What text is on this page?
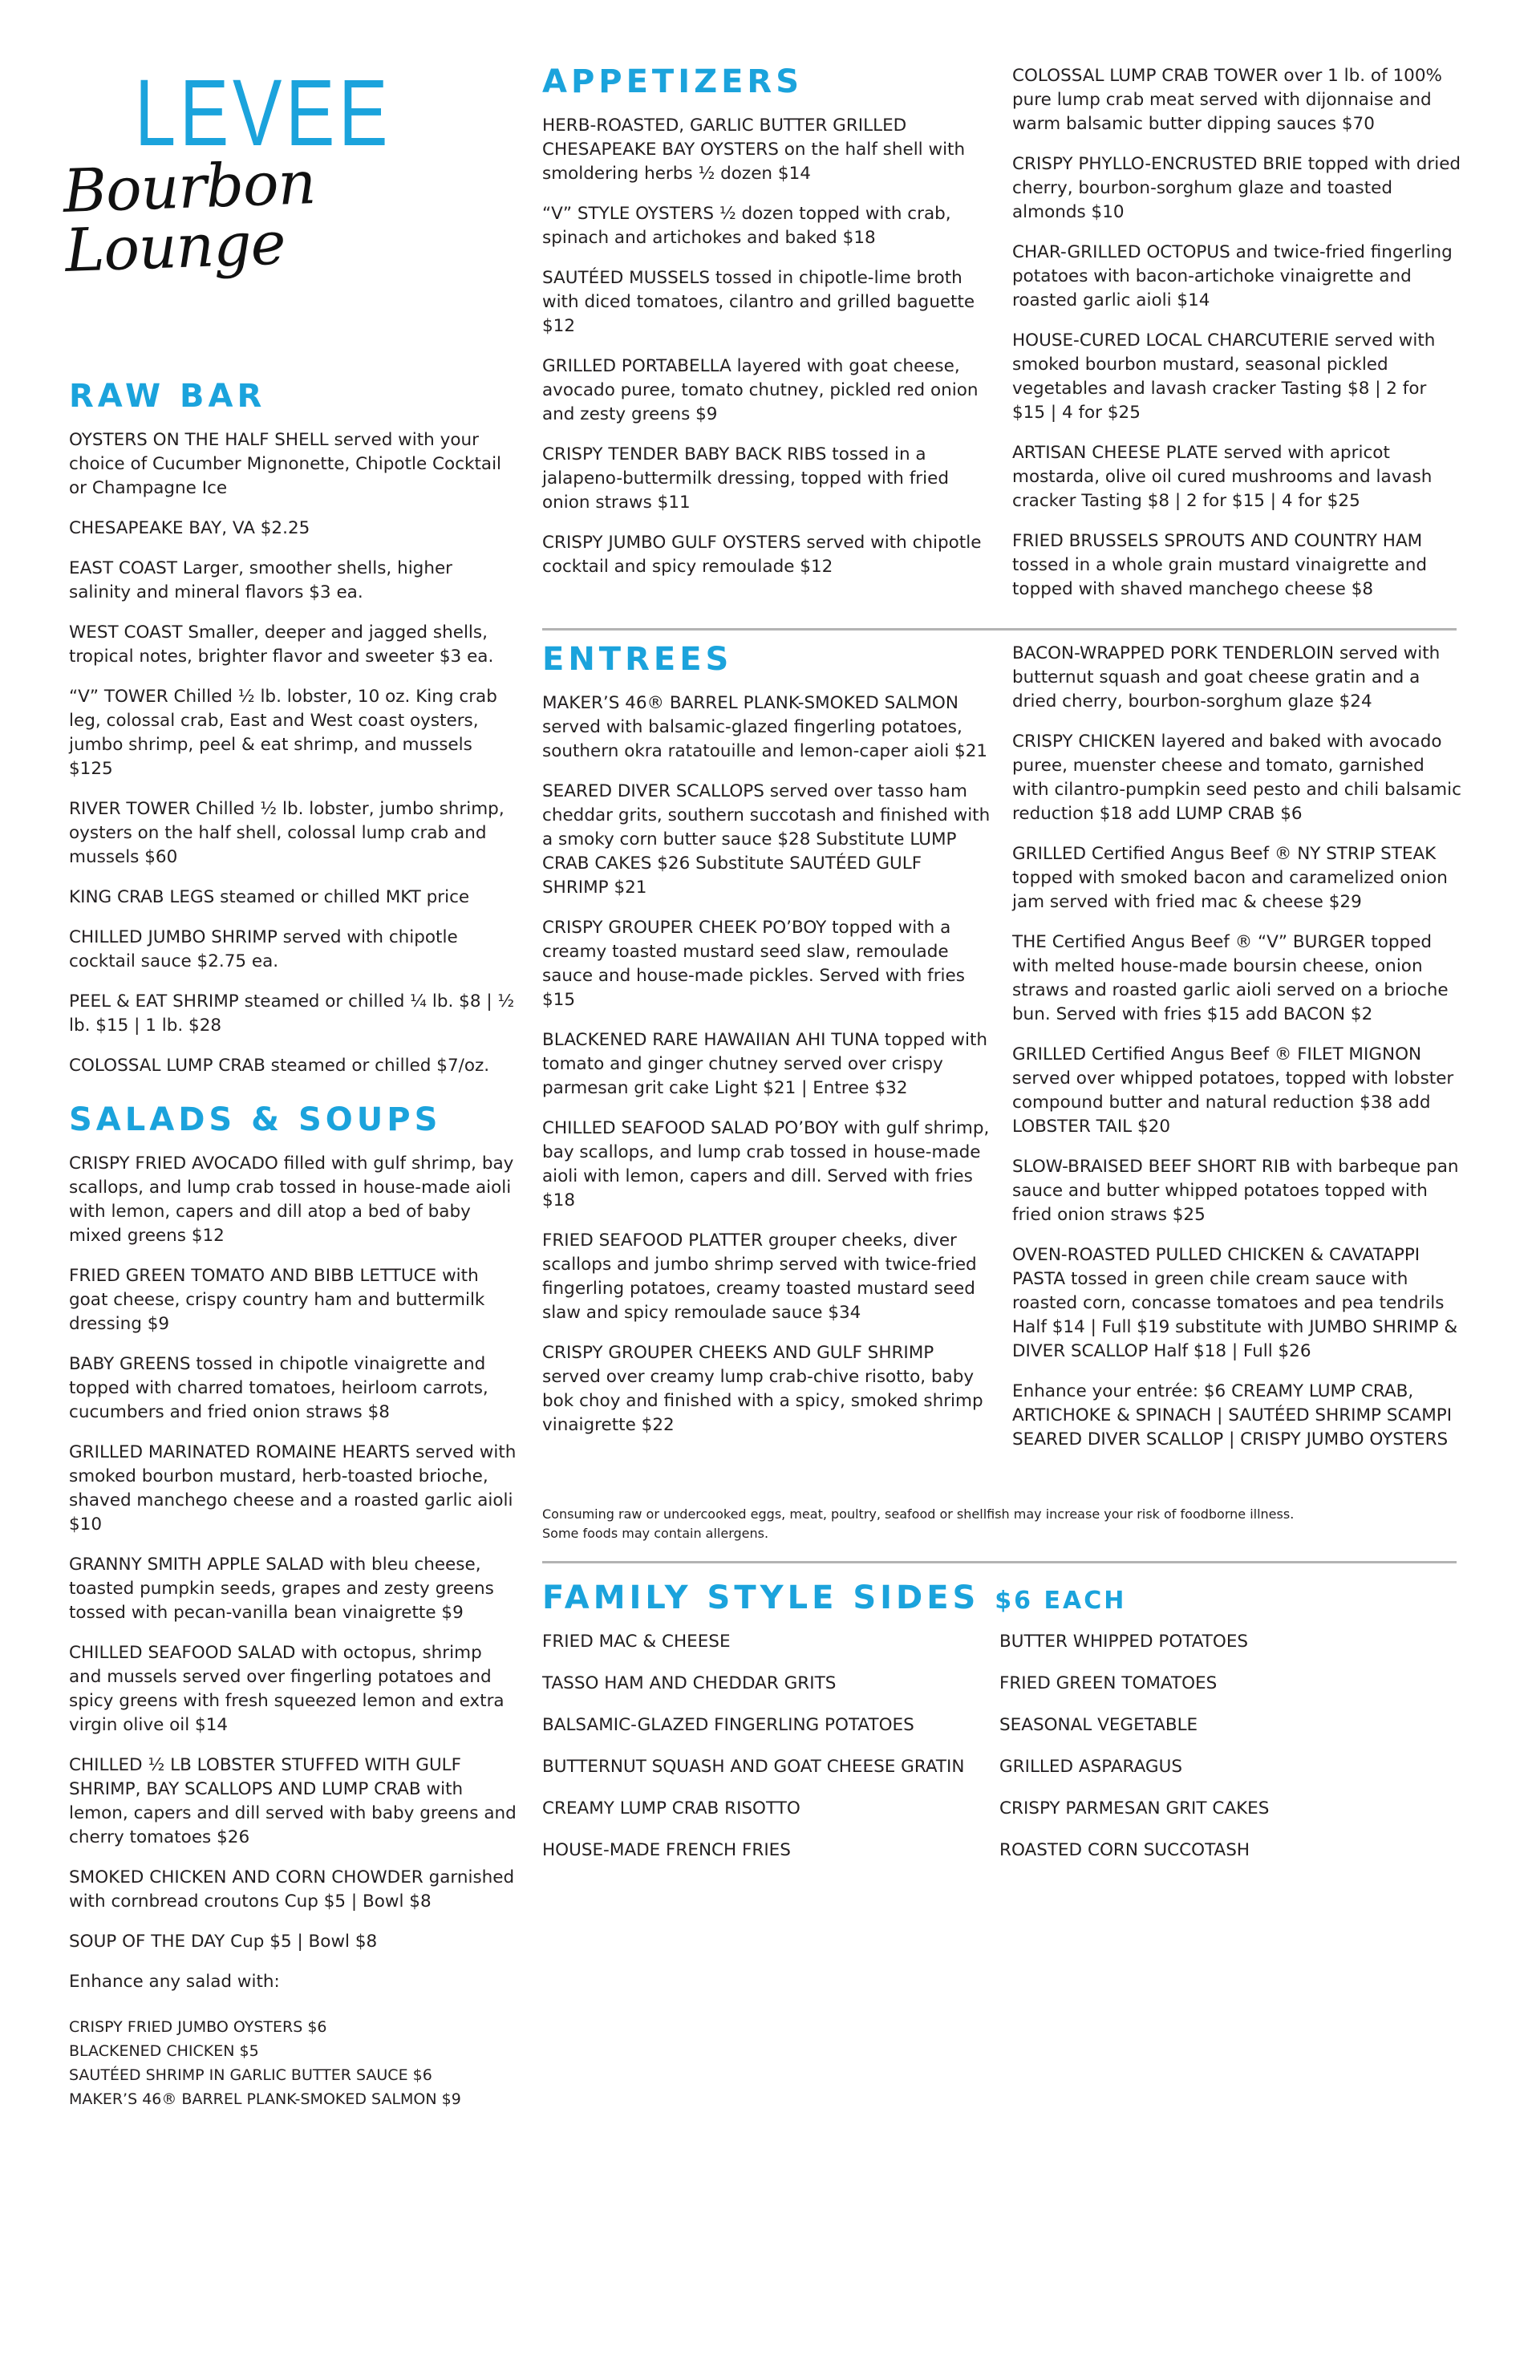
LEVEE
Bourbon Lounge
RAW BAR
OYSTERS ON THE HALF SHELL served with your choice of Cucumber Mignonette, Chipotle Cocktail or Champagne Ice
CHESAPEAKE BAY, VA $2.25
EAST COAST Larger, smoother shells, higher salinity and mineral flavors $3 ea.
WEST COAST Smaller, deeper and jagged shells, tropical notes, brighter flavor and sweeter $3 ea.
“V” TOWER Chilled ½ lb. lobster, 10 oz. King crab leg, colossal crab, East and West coast oysters, jumbo shrimp, peel & eat shrimp, and mussels $125
RIVER TOWER Chilled ½ lb. lobster, jumbo shrimp, oysters on the half shell, colossal lump crab and mussels $60
KING CRAB LEGS steamed or chilled MKT price
CHILLED JUMBO SHRIMP served with chipotle cocktail sauce $2.75 ea.
PEEL & EAT SHRIMP steamed or chilled ¼ lb. $8 | ½ lb. $15 | 1 lb. $28
COLOSSAL LUMP CRAB steamed or chilled $7/oz.
SALADS & SOUPS
CRISPY FRIED AVOCADO filled with gulf shrimp, bay scallops, and lump crab tossed in house-made aioli with lemon, capers and dill atop a bed of baby mixed greens $12
FRIED GREEN TOMATO AND BIBB LETTUCE with goat cheese, crispy country ham and buttermilk dressing $9
BABY GREENS tossed in chipotle vinaigrette and topped with charred tomatoes, heirloom carrots, cucumbers and fried onion straws $8
GRILLED MARINATED ROMAINE HEARTS served with smoked bourbon mustard, herb-toasted brioche, shaved manchego cheese and a roasted garlic aioli $10
GRANNY SMITH APPLE SALAD with bleu cheese, toasted pumpkin seeds, grapes and zesty greens tossed with pecan-vanilla bean vinaigrette $9
CHILLED SEAFOOD SALAD with octopus, shrimp and mussels served over fingerling potatoes and spicy greens with fresh squeezed lemon and extra virgin olive oil $14
CHILLED ½ LB LOBSTER STUFFED WITH GULF SHRIMP, BAY SCALLOPS AND LUMP CRAB with lemon, capers and dill served with baby greens and cherry tomatoes $26
SMOKED CHICKEN AND CORN CHOWDER garnished with cornbread croutons Cup $5 | Bowl $8
SOUP OF THE DAY Cup $5 | Bowl $8
Enhance any salad with:
CRISPY FRIED JUMBO OYSTERS $6
BLACKENED CHICKEN $5
SAUTÉED SHRIMP IN GARLIC BUTTER SAUCE $6
MAKER’S 46® BARREL PLANK-SMOKED SALMON $9
APPETIZERS
HERB-ROASTED, GARLIC BUTTER GRILLED CHESAPEAKE BAY OYSTERS on the half shell with smoldering herbs ½ dozen $14
“V” STYLE OYSTERS ½ dozen topped with crab, spinach and artichokes and baked $18
SAUTÉED MUSSELS tossed in chipotle-lime broth with diced tomatoes, cilantro and grilled baguette $12
GRILLED PORTABELLA layered with goat cheese, avocado puree, tomato chutney, pickled red onion and zesty greens $9
CRISPY TENDER BABY BACK RIBS tossed in a jalapeno-buttermilk dressing, topped with fried onion straws $11
CRISPY JUMBO GULF OYSTERS served with chipotle cocktail and spicy remoulade $12
COLOSSAL LUMP CRAB TOWER over 1 lb. of 100% pure lump crab meat served with dijonnaise and warm balsamic butter dipping sauces $70
CRISPY PHYLLO-ENCRUSTED BRIE topped with dried cherry, bourbon-sorghum glaze and toasted almonds $10
CHAR-GRILLED OCTOPUS and twice-fried fingerling potatoes with bacon-artichoke vinaigrette and roasted garlic aioli $14
HOUSE-CURED LOCAL CHARCUTERIE served with smoked bourbon mustard, seasonal pickled vegetables and lavash cracker Tasting $8 | 2 for $15 | 4 for $25
ARTISAN CHEESE PLATE served with apricot mostarda, olive oil cured mushrooms and lavash cracker Tasting $8 | 2 for $15 | 4 for $25
FRIED BRUSSELS SPROUTS AND COUNTRY HAM tossed in a whole grain mustard vinaigrette and topped with shaved manchego cheese $8
ENTREES
MAKER’S 46® BARREL PLANK-SMOKED SALMON served with balsamic-glazed fingerling potatoes, southern okra ratatouille and lemon-caper aioli $21
SEARED DIVER SCALLOPS served over tasso ham cheddar grits, southern succotash and finished with a smoky corn butter sauce $28 Substitute LUMP CRAB CAKES $26 Substitute SAUTÉED GULF SHRIMP $21
CRISPY GROUPER CHEEK PO’BOY topped with a creamy toasted mustard seed slaw, remoulade sauce and house-made pickles. Served with fries $15
BLACKENED RARE HAWAIIAN AHI TUNA topped with tomato and ginger chutney served over crispy parmesan grit cake Light $21 | Entree $32
CHILLED SEAFOOD SALAD PO’BOY with gulf shrimp, bay scallops, and lump crab tossed in house-made aioli with lemon, capers and dill. Served with fries $18
FRIED SEAFOOD PLATTER grouper cheeks, diver scallops and jumbo shrimp served with twice-fried fingerling potatoes, creamy toasted mustard seed slaw and spicy remoulade sauce $34
CRISPY GROUPER CHEEKS AND GULF SHRIMP served over creamy lump crab-chive risotto, baby bok choy and finished with a spicy, smoked shrimp vinaigrette $22
BACON-WRAPPED PORK TENDERLOIN served with butternut squash and goat cheese gratin and a dried cherry, bourbon-sorghum glaze $24
CRISPY CHICKEN layered and baked with avocado puree, muenster cheese and tomato, garnished with cilantro-pumpkin seed pesto and chili balsamic reduction $18 add LUMP CRAB $6
GRILLED Certified Angus Beef ® NY STRIP STEAK topped with smoked bacon and caramelized onion jam served with fried mac & cheese $29
THE Certified Angus Beef ® “V” BURGER topped with melted house-made boursin cheese, onion straws and roasted garlic aioli served on a brioche bun. Served with fries $15 add BACON $2
GRILLED Certified Angus Beef ® FILET MIGNON served over whipped potatoes, topped with lobster compound butter and natural reduction $38 add LOBSTER TAIL $20
SLOW-BRAISED BEEF SHORT RIB with barbeque pan sauce and butter whipped potatoes topped with fried onion straws $25
OVEN-ROASTED PULLED CHICKEN & CAVATAPPI PASTA tossed in green chile cream sauce with roasted corn, concasse tomatoes and pea tendrils Half $14 | Full $19 substitute with JUMBO SHRIMP & DIVER SCALLOP Half $18 | Full $26
Enhance your entrée: $6 CREAMY LUMP CRAB, ARTICHOKE & SPINACH | SAUTÉED SHRIMP SCAMPI SEARED DIVER SCALLOP | CRISPY JUMBO OYSTERS
Consuming raw or undercooked eggs, meat, poultry, seafood or shellfish may increase your risk of foodborne illness.
Some foods may contain allergens.
FAMILY STYLE SIDES $6 EACH
FRIED MAC & CHEESE
TASSO HAM AND CHEDDAR GRITS
BALSAMIC-GLAZED FINGERLING POTATOES
BUTTERNUT SQUASH AND GOAT CHEESE GRATIN
CREAMY LUMP CRAB RISOTTO
HOUSE-MADE FRENCH FRIES
BUTTER WHIPPED POTATOES
FRIED GREEN TOMATOES
SEASONAL VEGETABLE
GRILLED ASPARAGUS
CRISPY PARMESAN GRIT CAKES
ROASTED CORN SUCCOTASH
